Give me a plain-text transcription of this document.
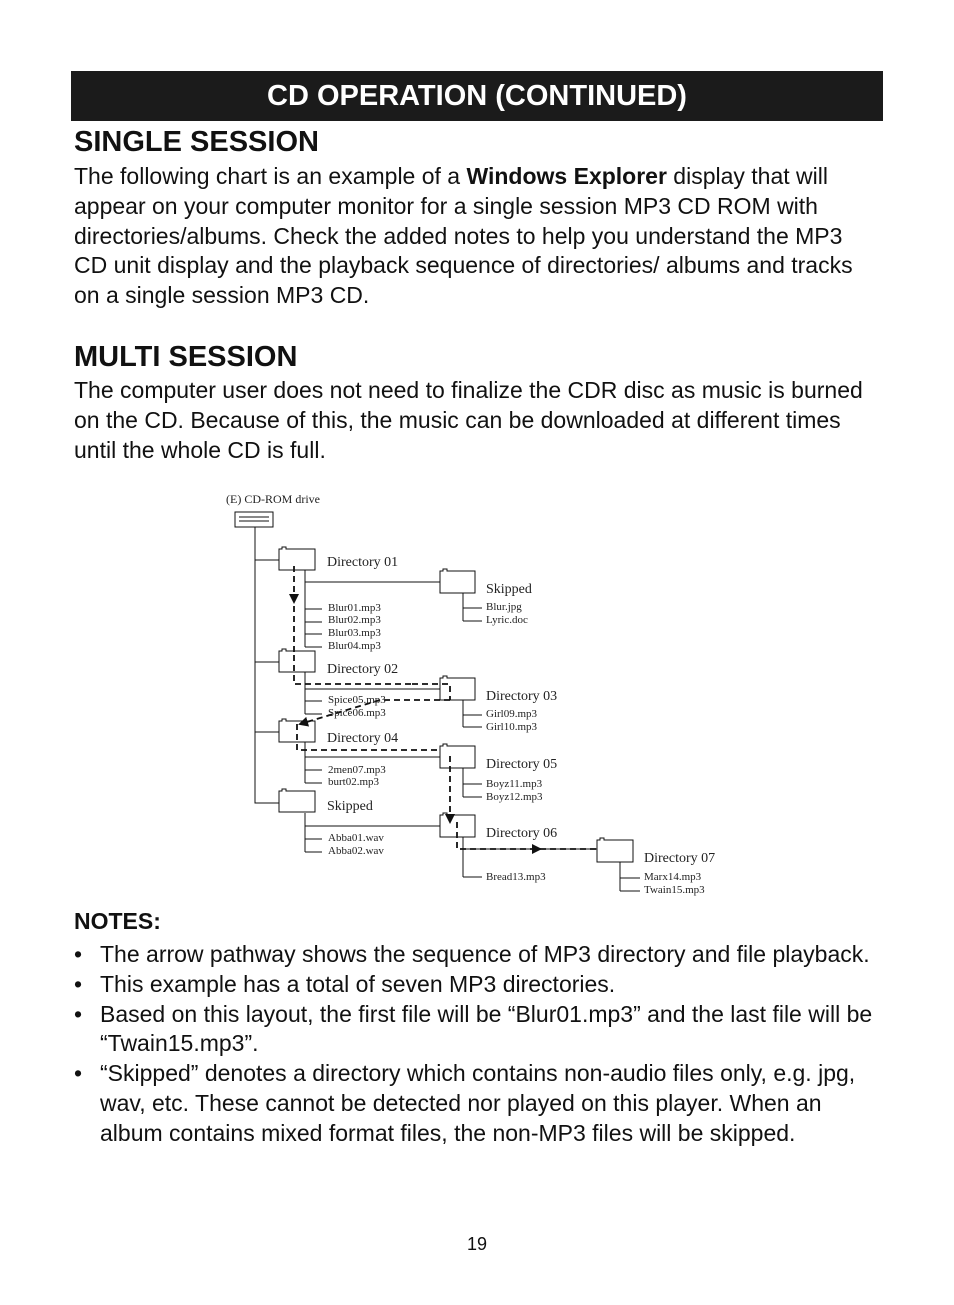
CD OPERATION (CONTINUED)
SINGLE SESSION

The following chart is an example of a Windows Explorer display that will appear on your computer monitor for a single session MP3 CD ROM with directories/albums. Check the added notes to help you understand the MP3 CD unit display and the playback sequence of directories/ albums and tracks on a single session MP3 CD.

MULTI SESSION

The computer user does not need to finalize the CDR disc as music is burned on the CD. Because of this, the music can be downloaded at different times until the whole CD is full.

(E) CD-ROM drive
Directory 01
Skipped
Directory 02
Directory 03
Directory 04
Directory 05
Skipped
Directory 06
Directory 07
Blur01.mp3
Blur02.mp3
Blur03.mp3
Blur04.mp3
Blur.jpg
Lyric.doc
Spice05.mp3
Spice06.mp3	Girl09.mp3
Girl10.mp3
2men07.mp3
burt02.mp3	Boyz11.mp3
Boyz12.mp3
Abba01.wav
Abba02.wav
Bread13.mp3	Marx14.mp3
Twain15.mp3
NOTES:
• The arrow pathway shows the sequence of MP3 directory and file playback.
• This example has a total of seven MP3 directories.
• Based on this layout, the first file will be “Blur01.mp3” and the last file will be “Twain15.mp3”.
• “Skipped” denotes a directory which contains non-audio files only, e.g. jpg, wav, etc. These cannot be detected nor played on this player. When an album contains mixed format files, the non-MP3 files will be skipped.
19
